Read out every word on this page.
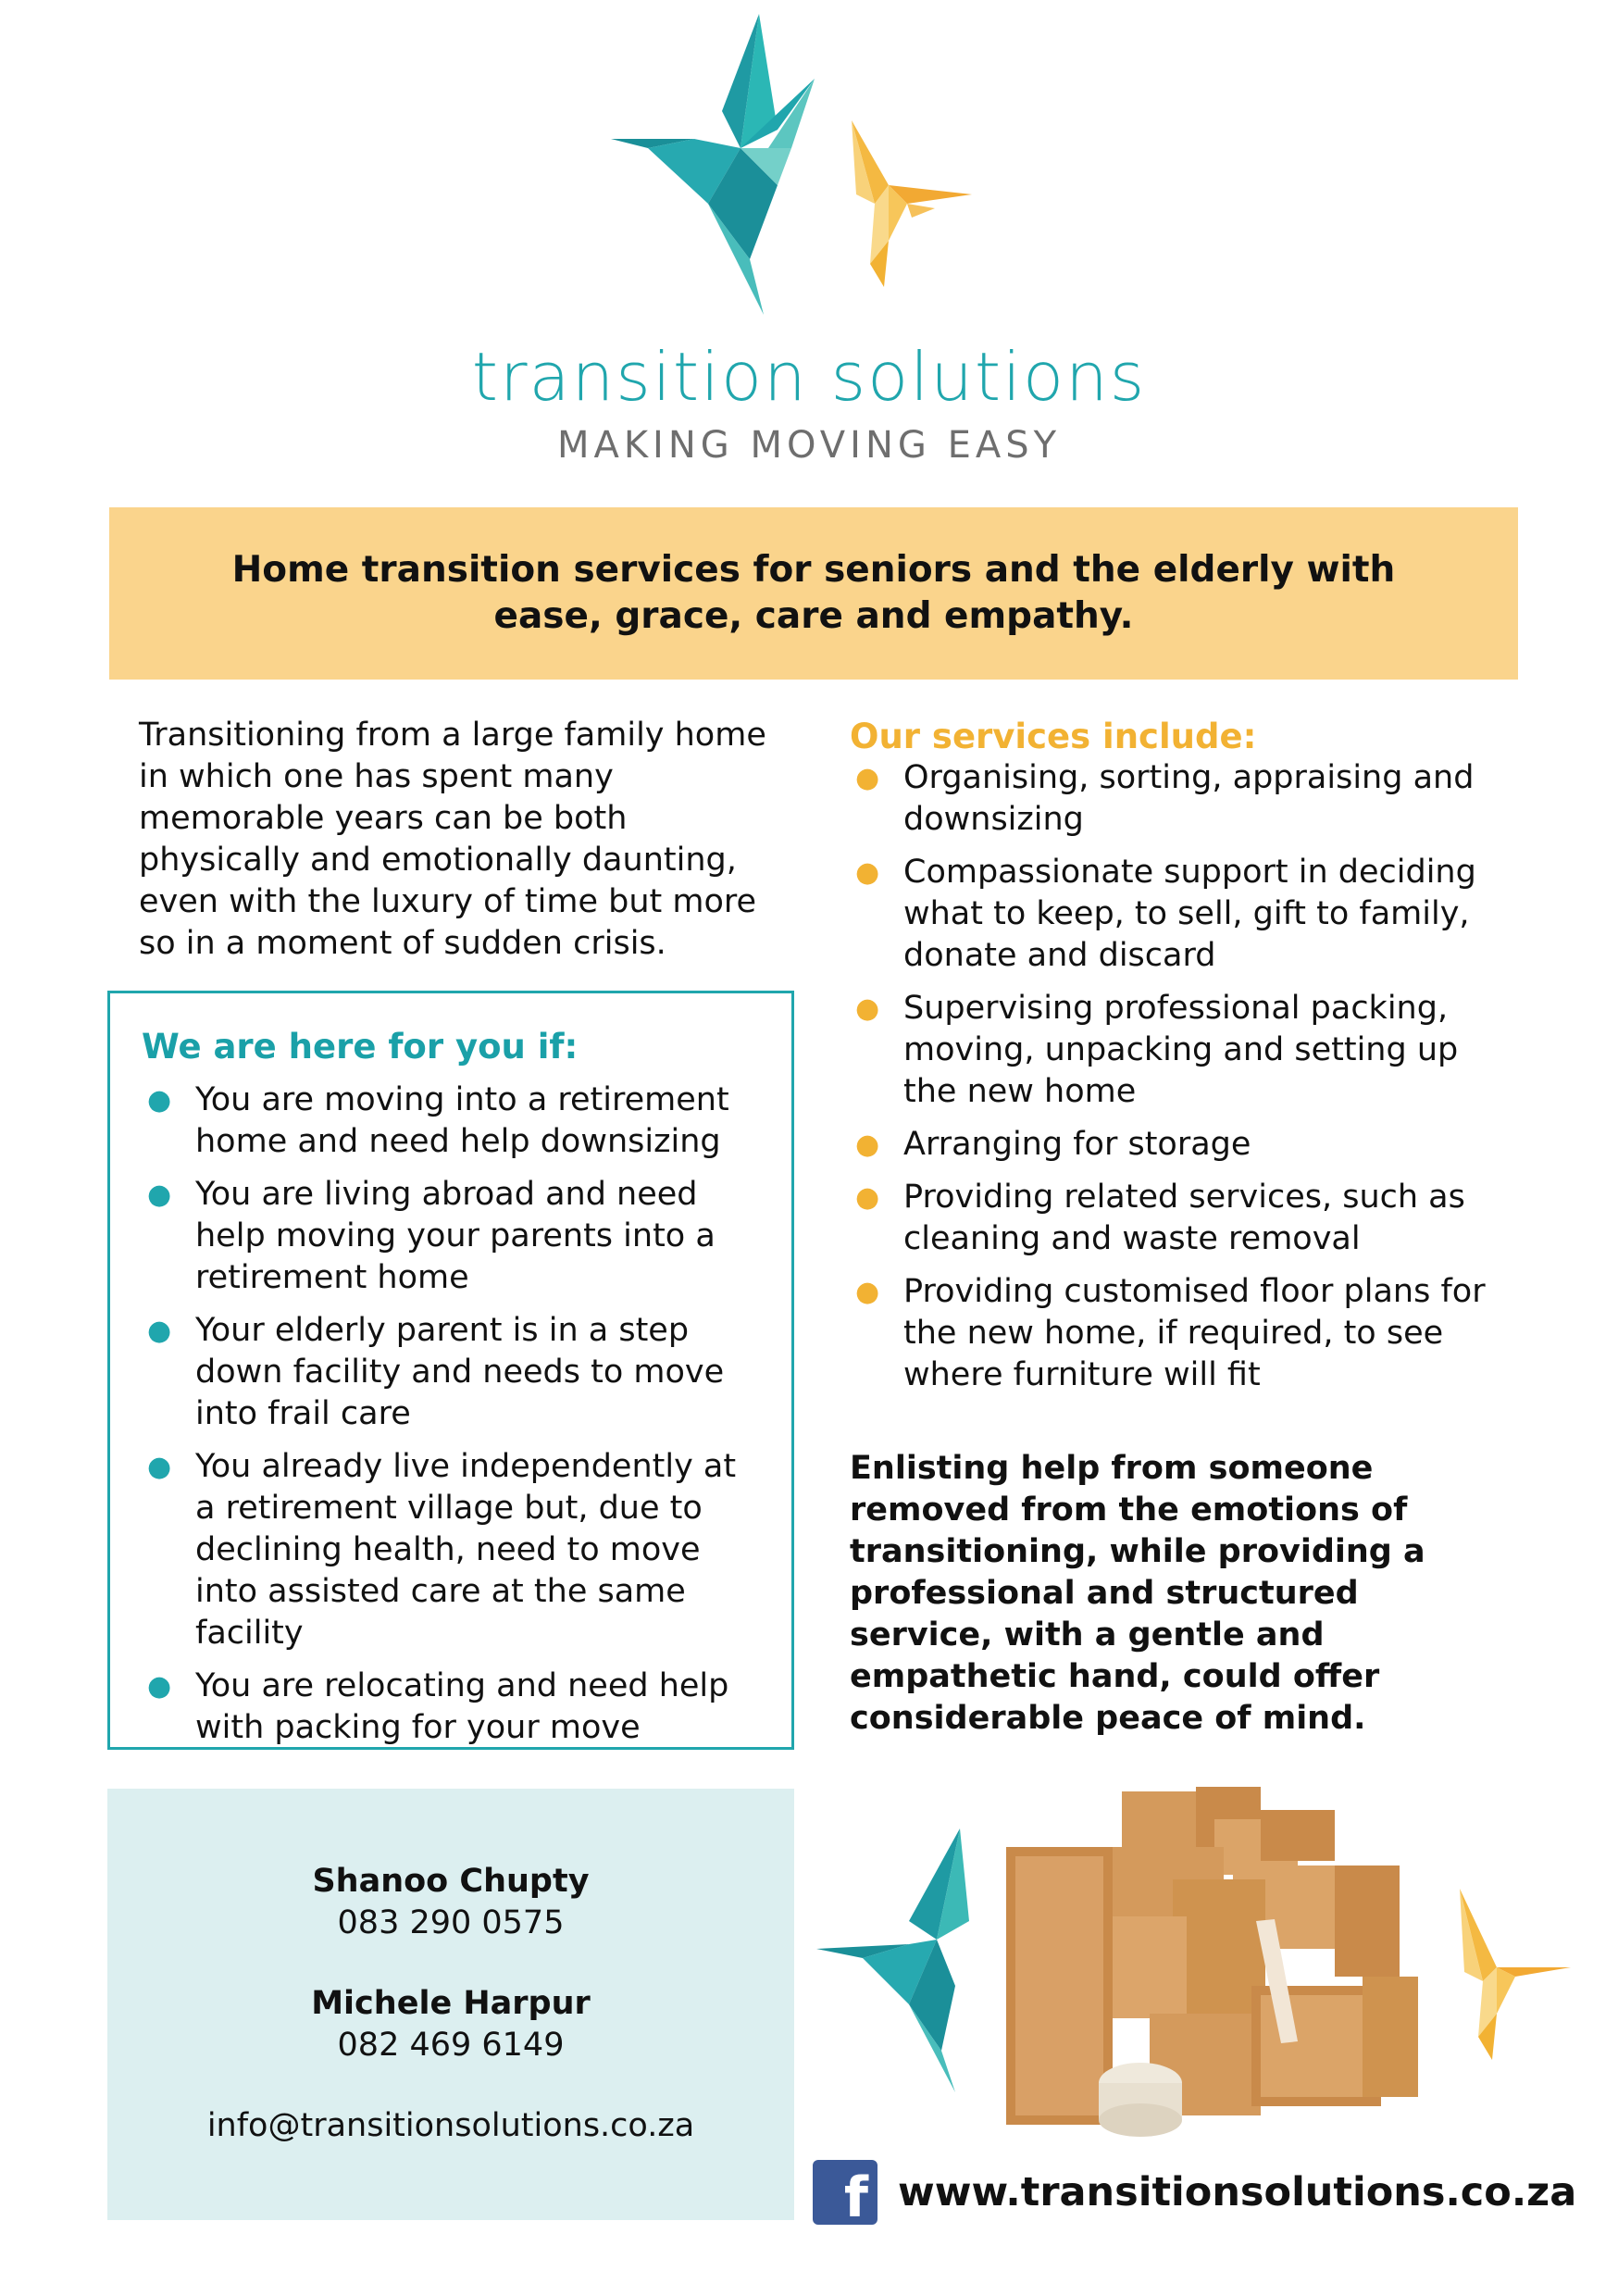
transition solutions
MAKING MOVING EASY

Home transition services for seniors and the elderly with ease, grace, care and empathy.

Transitioning from a large family home in which one has spent many memorable years can be both physically and emotionally daunting, even with the luxury of time but more so in a moment of sudden crisis.

We are here for you if:
● You are moving into a retirement home and need help downsizing
● You are living abroad and need help moving your parents into a retirement home
● Your elderly parent is in a step down facility and needs to move into frail care
● You already live independently at a retirement village but, due to declining health, need to move into assisted care at the same facility
● You are relocating and need help with packing for your move
Our services include:
● Organising, sorting, appraising and downsizing
● Compassionate support in deciding what to keep, to sell, gift to family, donate and discard
● Supervising professional packing, moving, unpacking and setting up the new home
● Arranging for storage
● Providing related services, such as cleaning and waste removal
● Providing customised floor plans for the new home, if required, to see where furniture will fit

Enlisting help from someone removed from the emotions of transitioning, while providing a professional and structured service, with a gentle and empathetic hand, could offer considerable peace of mind.

Shanoo Chupty
083 290 0575
Michele Harpur
082 469 6149
info@transitionsolutions.co.za
f www.transitionsolutions.co.za
